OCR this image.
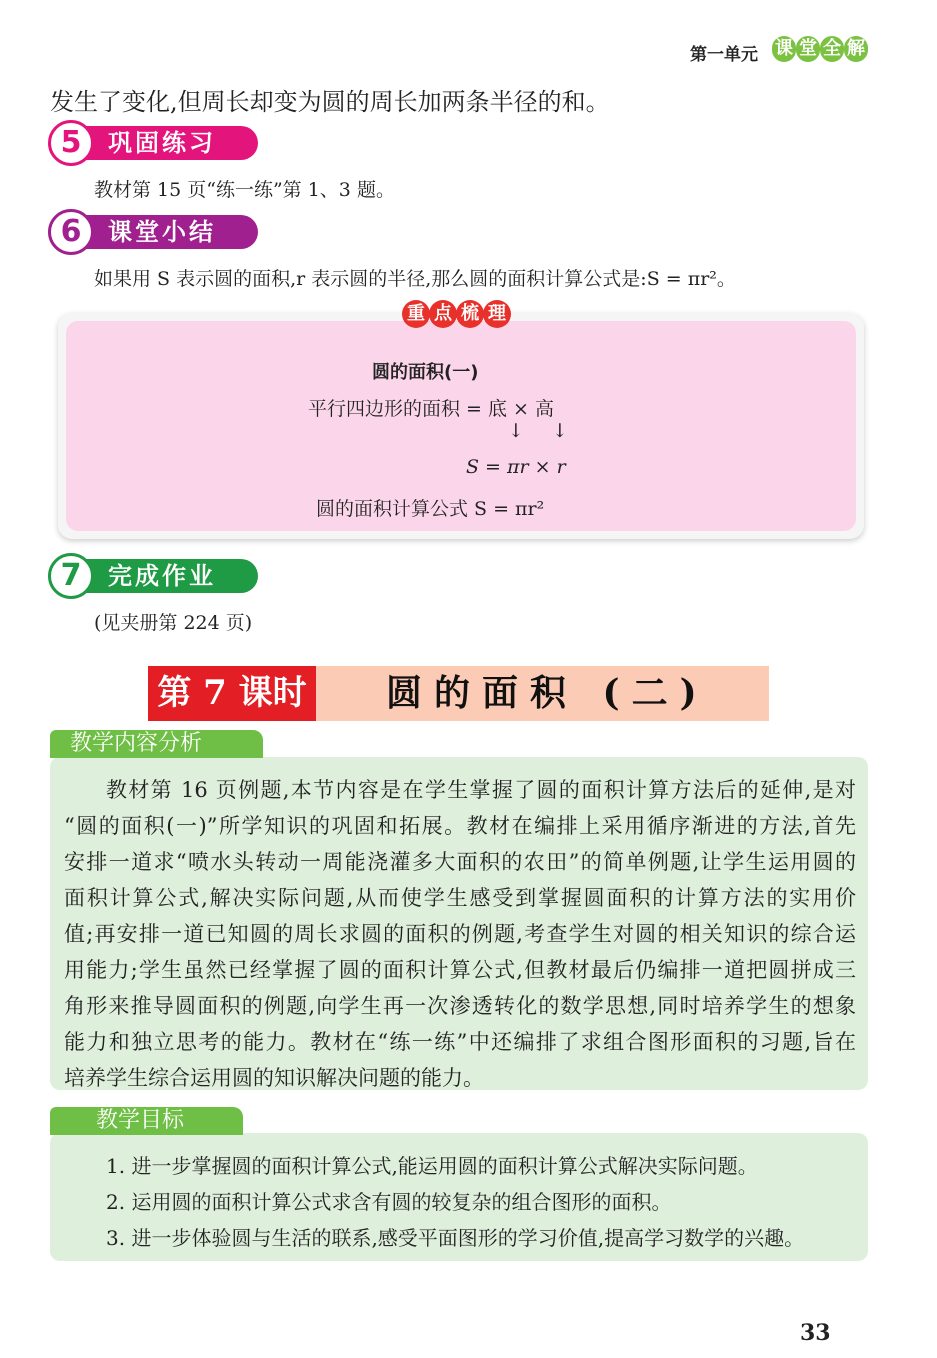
第一单元 课 堂 全 解
发生了变化,但周长却变为圆的周长加两条半径的和。
5	巩固练习
教材第 15 页“练一练”第 1、3 题。
6	课堂小结
如果用 S 表示圆的面积,r 表示圆的半径,那么圆的面积计算公式是:S = πr²。
重 点 梳 理
圆的面积(一)
平行四边形的面积 = 底 × 高
↓ ↓
S = πr × r
圆的面积计算公式 S = πr²
7	完成作业
(见夹册第 224 页)
第 7 课时	圆的面积 (二)
教学内容分析
教材第 16 页例题,本节内容是在学生掌握了圆的面积计算方法后的延伸,是对
“圆的面积(一)”所学知识的巩固和拓展。教材在编排上采用循序渐进的方法,首先
安排一道求“喷水头转动一周能浇灌多大面积的农田”的简单例题,让学生运用圆的
面积计算公式,解决实际问题,从而使学生感受到掌握圆面积的计算方法的实用价
值;再安排一道已知圆的周长求圆的面积的例题,考查学生对圆的相关知识的综合运
用能力;学生虽然已经掌握了圆的面积计算公式,但教材最后仍编排一道把圆拼成三
角形来推导圆面积的例题,向学生再一次渗透转化的数学思想,同时培养学生的想象
能力和独立思考的能力。教材在“练一练”中还编排了求组合图形面积的习题,旨在
培养学生综合运用圆的知识解决问题的能力。
教学目标
1. 进一步掌握圆的面积计算公式,能运用圆的面积计算公式解决实际问题。
2. 运用圆的面积计算公式求含有圆的较复杂的组合图形的面积。
3. 进一步体验圆与生活的联系,感受平面图形的学习价值,提高学习数学的兴趣。
33
